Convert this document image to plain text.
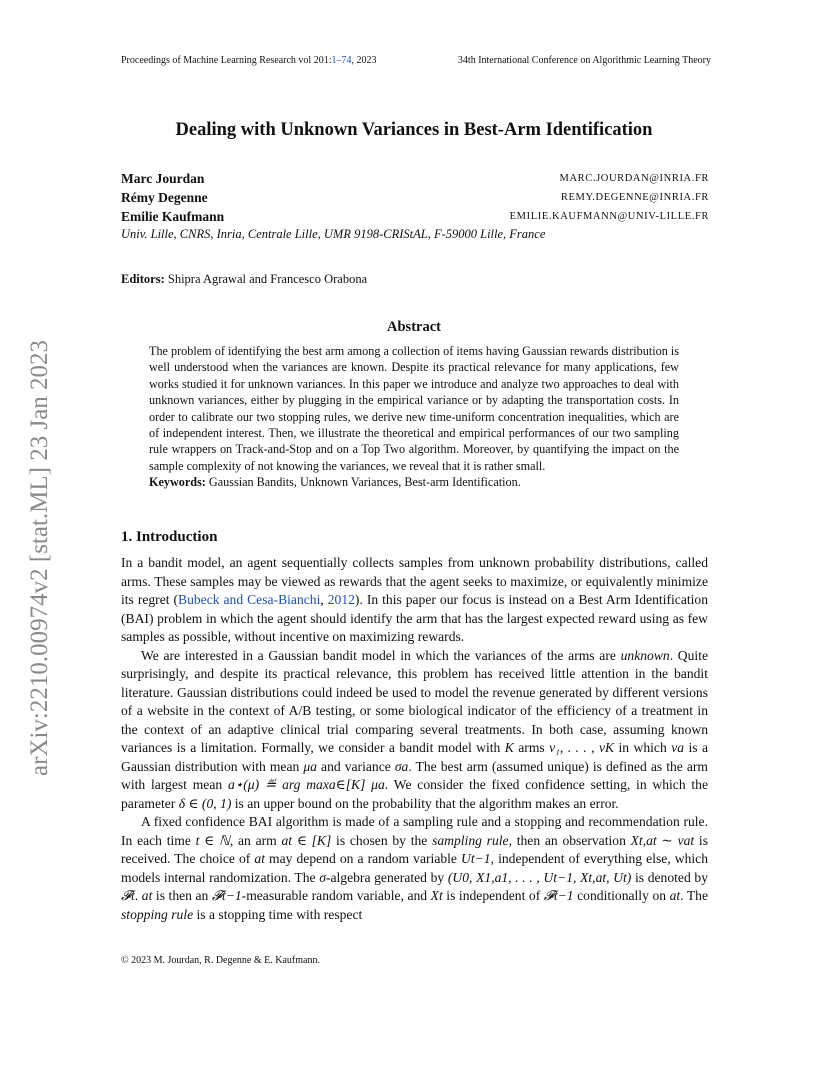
Proceedings of Machine Learning Research vol 201:1–74, 2023	34th International Conference on Algorithmic Learning Theory
Dealing with Unknown Variances in Best-Arm Identification
Marc Jourdan	MARC.JOURDAN@INRIA.FR
Rémy Degenne	REMY.DEGENNE@INRIA.FR
Emilie Kaufmann	EMILIE.KAUFMANN@UNIV-LILLE.FR
Univ. Lille, CNRS, Inria, Centrale Lille, UMR 9198-CRIStAL, F-59000 Lille, France
Editors: Shipra Agrawal and Francesco Orabona
Abstract
The problem of identifying the best arm among a collection of items having Gaussian rewards distribution is well understood when the variances are known. Despite its practical relevance for many applications, few works studied it for unknown variances. In this paper we introduce and analyze two approaches to deal with unknown variances, either by plugging in the empirical variance or by adapting the transportation costs. In order to calibrate our two stopping rules, we derive new time-uniform concentration inequalities, which are of independent interest. Then, we illustrate the theoretical and empirical performances of our two sampling rule wrappers on Track-and-Stop and on a Top Two algorithm. Moreover, by quantifying the impact on the sample complexity of not knowing the variances, we reveal that it is rather small.
Keywords: Gaussian Bandits, Unknown Variances, Best-arm Identification.
1. Introduction

In a bandit model, an agent sequentially collects samples from unknown probability distributions, called arms. These samples may be viewed as rewards that the agent seeks to maximize, or equivalently minimize its regret (Bubeck and Cesa-Bianchi, 2012). In this paper our focus is instead on a Best Arm Identification (BAI) problem in which the agent should identify the arm that has the largest expected reward using as few samples as possible, without incentive on maximizing rewards.

We are interested in a Gaussian bandit model in which the variances of the arms are unknown. Quite surprisingly, and despite its practical relevance, this problem has received little attention in the bandit literature. Gaussian distributions could indeed be used to model the revenue generated by different versions of a website in the context of A/B testing, or some biological indicator of the efficiency of a treatment in the context of an adaptive clinical trial comparing several treatments. In both case, assuming known variances is a limitation. Formally, we consider a bandit model with K arms ν₁, . . . , νK in which νa is a Gaussian distribution with mean μa and variance σa. The best arm (assumed unique) is defined as the arm with largest mean a⋆(μ) ≝ arg maxa∈[K] μa. We consider the fixed confidence setting, in which the parameter δ ∈ (0, 1) is an upper bound on the probability that the algorithm makes an error.

A fixed confidence BAI algorithm is made of a sampling rule and a stopping and recommendation rule. In each time t ∈ ℕ, an arm at ∈ [K] is chosen by the sampling rule, then an observation Xt,at ∼ νat is received. The choice of at may depend on a random variable Ut−1, independent of everything else, which models internal randomization. The σ-algebra generated by (U0, X1,a1, . . . , Ut−1, Xt,at, Ut) is denoted by 𝓕t. at is then an 𝓕t−1-measurable random variable, and Xt is independent of 𝓕t−1 conditionally on at. The stopping rule is a stopping time with respect

© 2023 M. Jourdan, R. Degenne & E. Kaufmann.
arXiv:2210.00974v2 [stat.ML] 23 Jan 2023
